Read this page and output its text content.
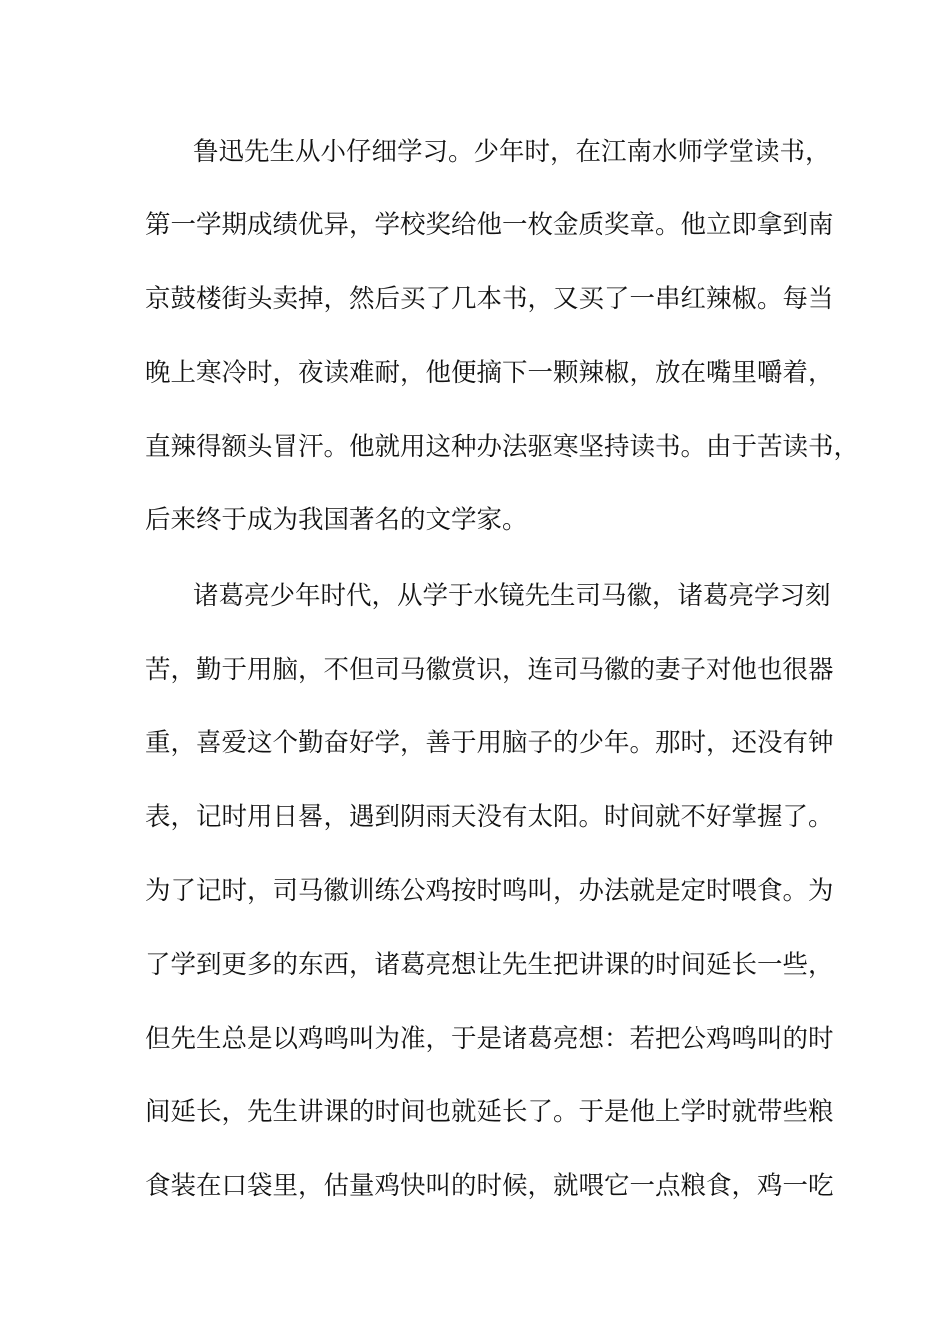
鲁迅先生从小仔细学习。少年时，在江南水师学堂读书，
第一学期成绩优异，学校奖给他一枚金质奖章。他立即拿到南
京鼓楼街头卖掉，然后买了几本书，又买了一串红辣椒。每当
晚上寒冷时，夜读难耐，他便摘下一颗辣椒，放在嘴里嚼着，
直辣得额头冒汗。他就用这种办法驱寒坚持读书。由于苦读书，
后来终于成为我国著名的文学家。
诸葛亮少年时代，从学于水镜先生司马徽，诸葛亮学习刻
苦，勤于用脑，不但司马徽赏识，连司马徽的妻子对他也很器
重，喜爱这个勤奋好学，善于用脑子的少年。那时，还没有钟
表，记时用日晷，遇到阴雨天没有太阳。时间就不好掌握了。
为了记时，司马徽训练公鸡按时鸣叫，办法就是定时喂食。为
了学到更多的东西，诸葛亮想让先生把讲课的时间延长一些，
但先生总是以鸡鸣叫为准，于是诸葛亮想：若把公鸡鸣叫的时
间延长，先生讲课的时间也就延长了。于是他上学时就带些粮
食装在口袋里，估量鸡快叫的时候，就喂它一点粮食，鸡一吃
